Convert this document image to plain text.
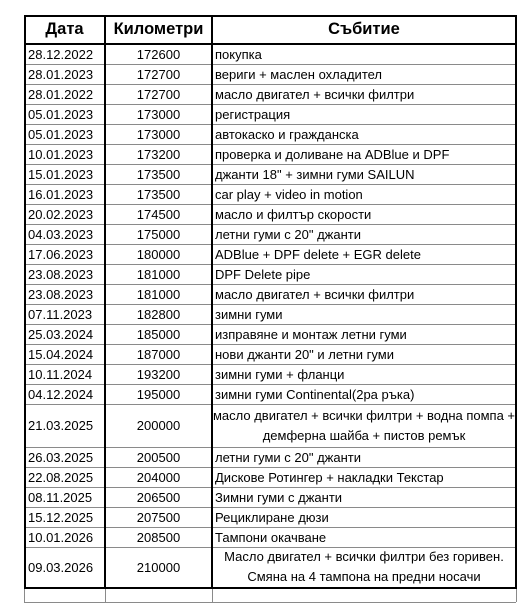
Дата	Километри	Събитие
28.12.2022	172600	покупка
28.01.2023	172700	вериги + маслен охладител
28.01.2022	172700	масло двигател + всички филтри
05.01.2023	173000	регистрация
05.01.2023	173000	автокаско и гражданска
10.01.2023	173200	проверка и доливане на ADBlue и DPF
15.01.2023	173500	джанти 18" + зимни гуми SAILUN
16.01.2023	173500	car play + video in motion
20.02.2023	174500	масло и филтър скорости
04.03.2023	175000	летни гуми с 20" джанти
17.06.2023	180000	ADBlue + DPF delete + EGR delete
23.08.2023	181000	DPF Delete pipe
23.08.2023	181000	масло двигател + всички филтри
07.11.2023	182800	зимни гуми
25.03.2024	185000	изправяне и монтаж летни гуми
15.04.2024	187000	нови джанти 20" и летни гуми
10.11.2024	193200	зимни гуми + фланци
04.12.2024	195000	зимни гуми Continental(2ра ръка)
21.03.2025	200000
масло двигател + всички филтри + водна помпа + демферна шайба + пистов ремък
26.03.2025	200500	летни гуми с 20" джанти
22.08.2025	204000	Дискове Ротингер + накладки Текстар
08.11.2025	206500	Зимни гуми с джанти
15.12.2025	207500	Рециклиране дюзи
10.01.2026	208500	Тампони окачване
09.03.2026	210000
Масло двигател + всички филтри без горивен. Смяна на 4 тампона на предни носачи
